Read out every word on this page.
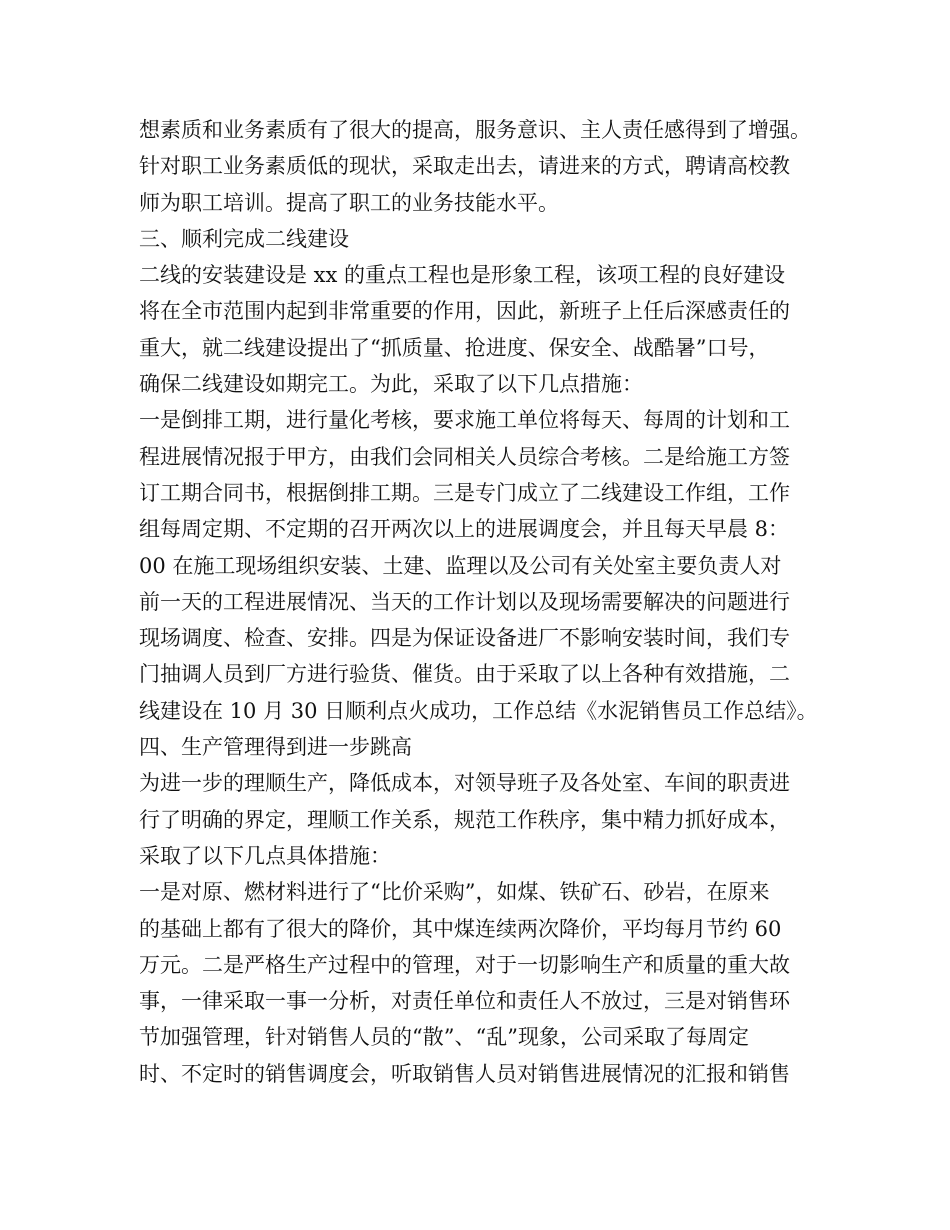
想素质和业务素质有了很大的提高，服务意识、主人责任感得到了增强。
针对职工业务素质低的现状，采取走出去，请进来的方式，聘请高校教
师为职工培训。提高了职工的业务技能水平。
三、顺利完成二线建设
二线的安装建设是 xx 的重点工程也是形象工程，该项工程的良好建设
将在全市范围内起到非常重要的作用，因此，新班子上任后深感责任的
重大，就二线建设提出了“抓质量、抢进度、保安全、战酷暑”口号，
确保二线建设如期完工。为此，采取了以下几点措施：
一是倒排工期，进行量化考核，要求施工单位将每天、每周的计划和工
程进展情况报于甲方，由我们会同相关人员综合考核。二是给施工方签
订工期合同书，根据倒排工期。三是专门成立了二线建设工作组，工作
组每周定期、不定期的召开两次以上的进展调度会，并且每天早晨 8：
00 在施工现场组织安装、土建、监理以及公司有关处室主要负责人对
前一天的工程进展情况、当天的工作计划以及现场需要解决的问题进行
现场调度、检查、安排。四是为保证设备进厂不影响安装时间，我们专
门抽调人员到厂方进行验货、催货。由于采取了以上各种有效措施，二
线建设在 10 月 30 日顺利点火成功，工作总结《水泥销售员工作总结》。
四、生产管理得到进一步跳高
为进一步的理顺生产，降低成本，对领导班子及各处室、车间的职责进
行了明确的界定，理顺工作关系，规范工作秩序，集中精力抓好成本，
采取了以下几点具体措施：
一是对原、燃材料进行了“比价采购”，如煤、铁矿石、砂岩，在原来
的基础上都有了很大的降价，其中煤连续两次降价，平均每月节约 60
万元。二是严格生产过程中的管理，对于一切影响生产和质量的重大故
事，一律采取一事一分析，对责任单位和责任人不放过，三是对销售环
节加强管理，针对销售人员的“散”、“乱”现象，公司采取了每周定
时、不定时的销售调度会，听取销售人员对销售进展情况的汇报和销售
